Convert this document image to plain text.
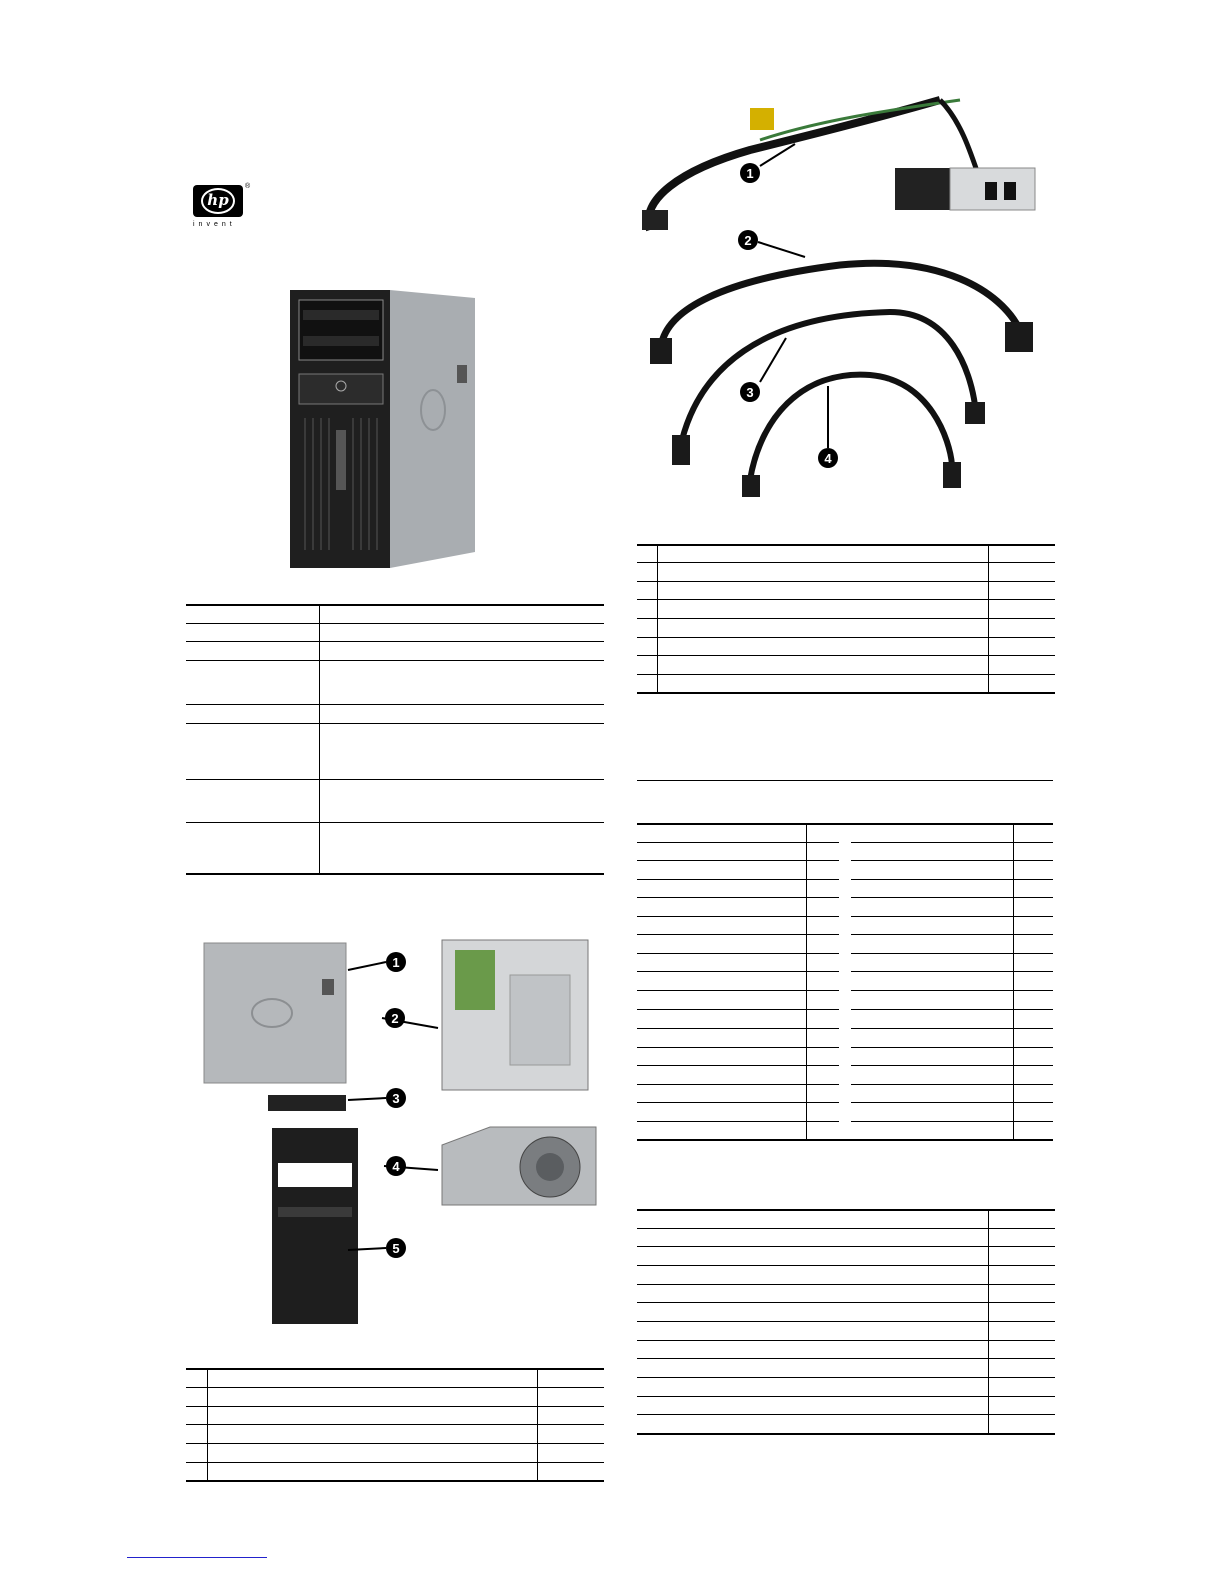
hp
®
invent
1
2
3
4
5
1
2
3
4
